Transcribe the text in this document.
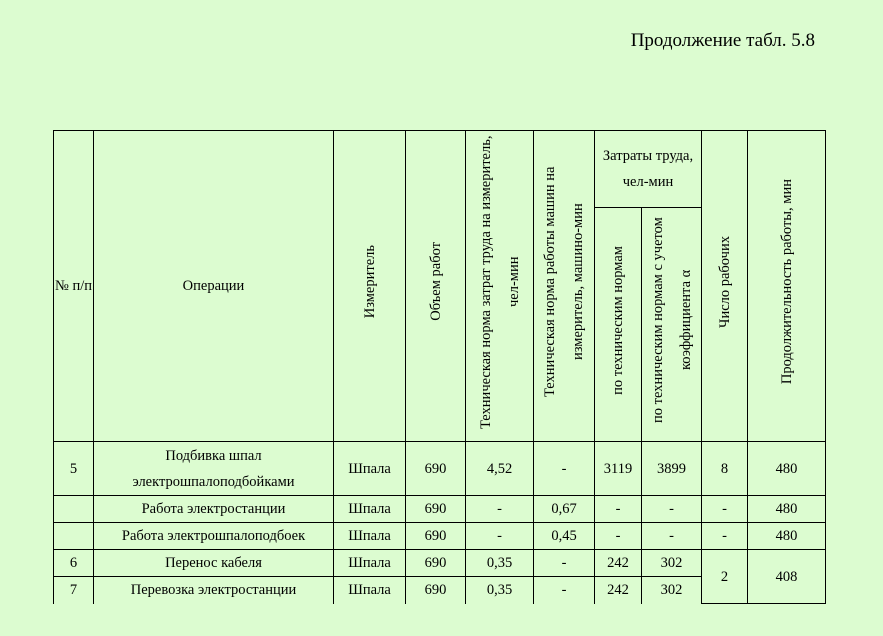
Продолжение табл. 5.8
№ п/п	Операции	Измеритель	Объем работ	Техническая норма затрат труда на измеритель, чел-мин	Техническая норма работы машин на измеритель, машино-мин	Затраты труда, чел-мин		Число рабочих	Продолжительность работы, мин
						по техническим нормам	по техническим нормам с учетом коэффициента α		
5	Подбивка шпал электрошпалоподбойками	Шпала	690	4,52	-	3119	3899	8	480
	Работа электростанции	Шпала	690	-	0,67	-	-	-	480
	Работа электрошпалоподбоек	Шпала	690	-	0,45	-	-	-	480
6	Перенос кабеля	Шпала	690	0,35	-	242	302	2	408
7	Перевозка электростанции	Шпала	690	0,35	-	242	302		
